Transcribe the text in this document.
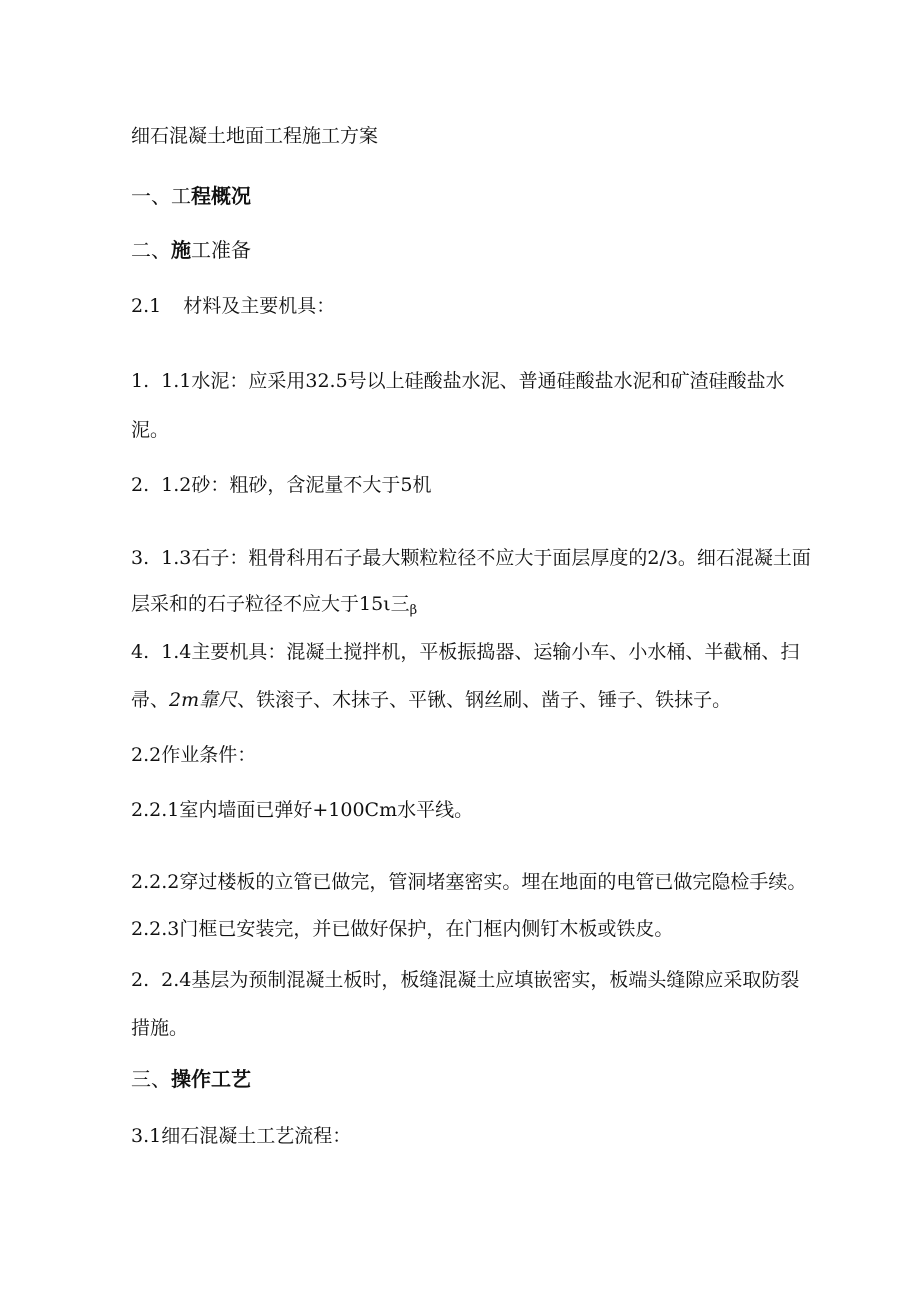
细石混凝土地面工程施工方案

一、工程概况

二、施工准备

2.1 材料及主要机具：

1. 1.1水泥：应采用32.5号以上硅酸盐水泥、普通硅酸盐水泥和矿渣硅酸盐水

泥。

2. 1.2砂：粗砂，含泥量不大于5机

3. 1.3石子：粗骨科用石子最大颗粒粒径不应大于面层厚度的2/3。细石混凝土面

层采和的石子粒径不应大于15ι三$_\beta$

4. 1.4主要机具：混凝土搅拌机，平板振捣器、运输小车、小水桶、半截桶、扫

帚、2m靠尺、铁滚子、木抹子、平锹、钢丝刷、凿子、锤子、铁抹子。

2.2作业条件：

2.2.1室内墙面已弹好+100Cm水平线。

2.2.2穿过楼板的立管已做完，管洞堵塞密实。埋在地面的电管已做完隐检手续。

2.2.3门框已安装完，并已做好保护，在门框内侧钉木板或铁皮。

2. 2.4基层为预制混凝土板时，板缝混凝土应填嵌密实，板端头缝隙应采取防裂

措施。

三、操作工艺

3.1细石混凝土工艺流程：
